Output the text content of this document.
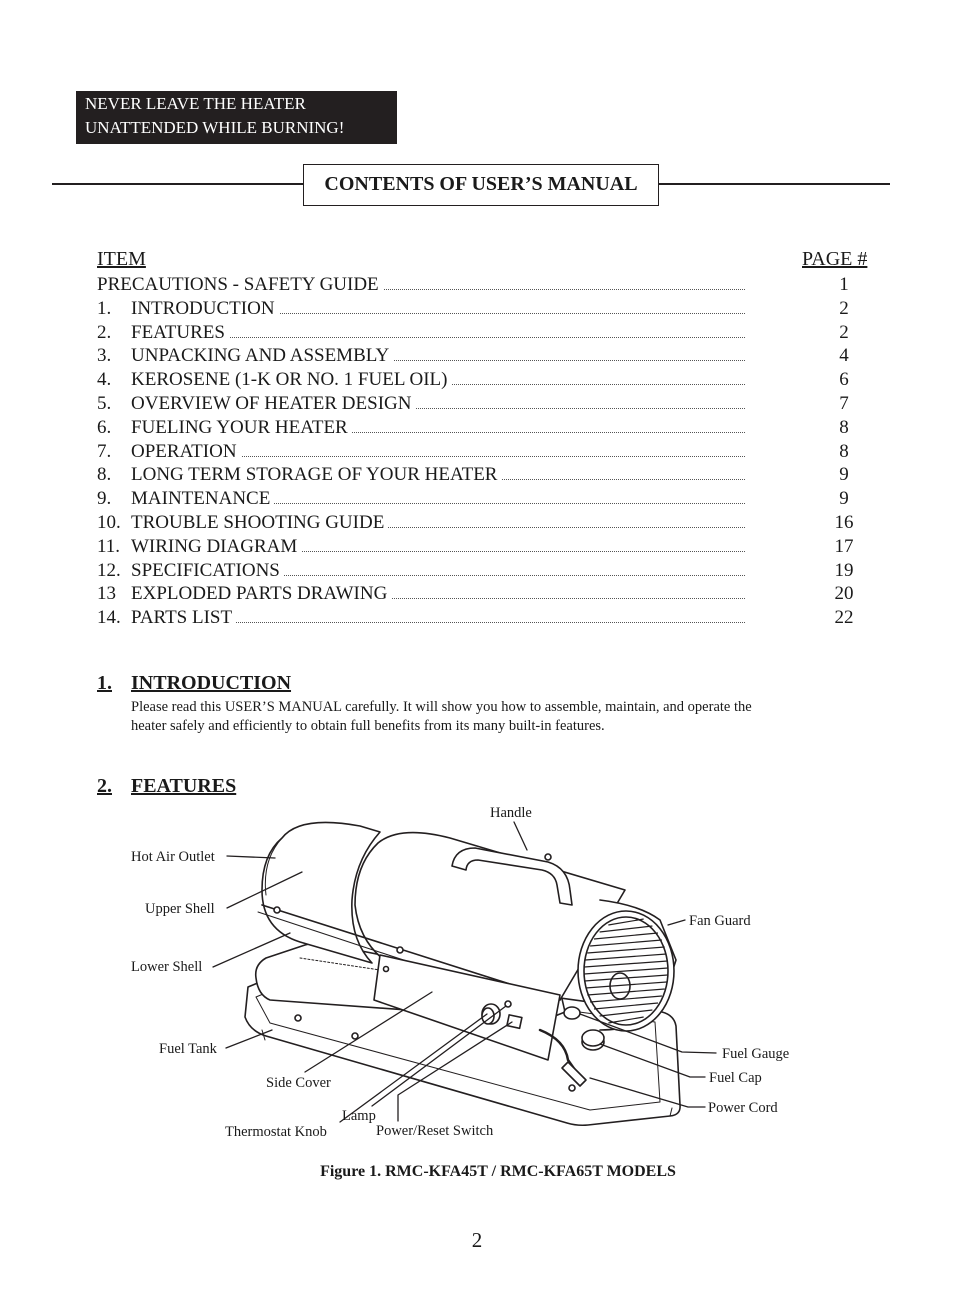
NEVER LEAVE THE HEATER
UNATTENDED WHILE BURNING!
CONTENTS OF USER’S MANUAL
ITEM	PAGE #
PRECAUTIONS - SAFETY GUIDE	1
1. INTRODUCTION	2
2. FEATURES	2
3. UNPACKING AND ASSEMBLY	4
4. KEROSENE (1-K OR NO. 1 FUEL OIL)	6
5. OVERVIEW OF HEATER DESIGN	7
6. FUELING YOUR HEATER	8
7. OPERATION	8
8. LONG TERM STORAGE OF YOUR HEATER	9
9. MAINTENANCE	9
10. TROUBLE SHOOTING GUIDE	16
11. WIRING DIAGRAM	17
12. SPECIFICATIONS	19
13 EXPLODED PARTS DRAWING	20
14. PARTS LIST	22
1. INTRODUCTION
Please read this USER’S MANUAL carefully. It will show you how to assemble, maintain, and operate the
heater safely and efficiently to obtain full benefits from its many built-in features.
2. FEATURES
Handle
Hot Air Outlet
Upper Shell
Lower Shell
Fuel Tank
Side Cover
Lamp
Thermostat Knob	Power/Reset Switch
Fan Guard
Fuel Gauge
Fuel Cap
Power Cord
Figure 1. RMC-KFA45T / RMC-KFA65T MODELS
2
